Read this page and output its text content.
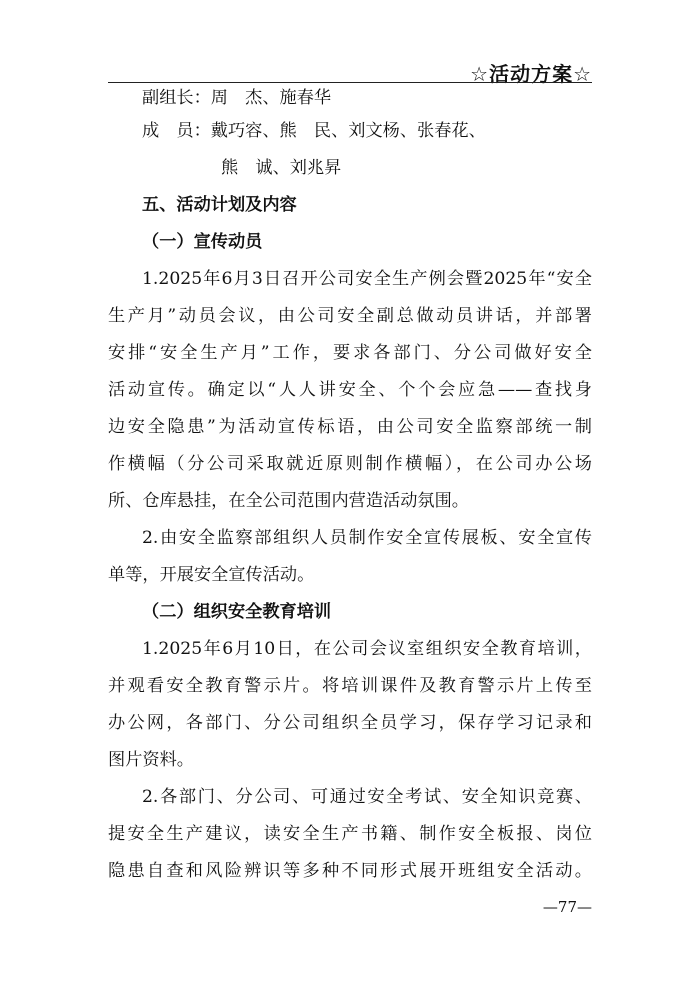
☆活动方案☆
副组长：周　杰、施春华
成　员：戴巧容、熊　民、刘文杨、张春花、
熊　诚、刘兆昇
五、活动计划及内容
（一）宣传动员
1.2025年6月3日召开公司安全生产例会暨2025年“安全
生产月”动员会议，由公司安全副总做动员讲话，并部署
安排“安全生产月”工作，要求各部门、分公司做好安全
活动宣传。确定以“人人讲安全、个个会应急——查找身
边安全隐患”为活动宣传标语，由公司安全监察部统一制
作横幅（分公司采取就近原则制作横幅），在公司办公场
所、仓库悬挂，在全公司范围内营造活动氛围。
2.由安全监察部组织人员制作安全宣传展板、安全宣传
单等，开展安全宣传活动。
（二）组织安全教育培训
1.2025年6月10日，在公司会议室组织安全教育培训，
并观看安全教育警示片。将培训课件及教育警示片上传至
办公网，各部门、分公司组织全员学习，保存学习记录和
图片资料。
2.各部门、分公司、可通过安全考试、安全知识竞赛、
提安全生产建议，读安全生产书籍、制作安全板报、岗位
隐患自查和风险辨识等多种不同形式展开班组安全活动。
—77—
